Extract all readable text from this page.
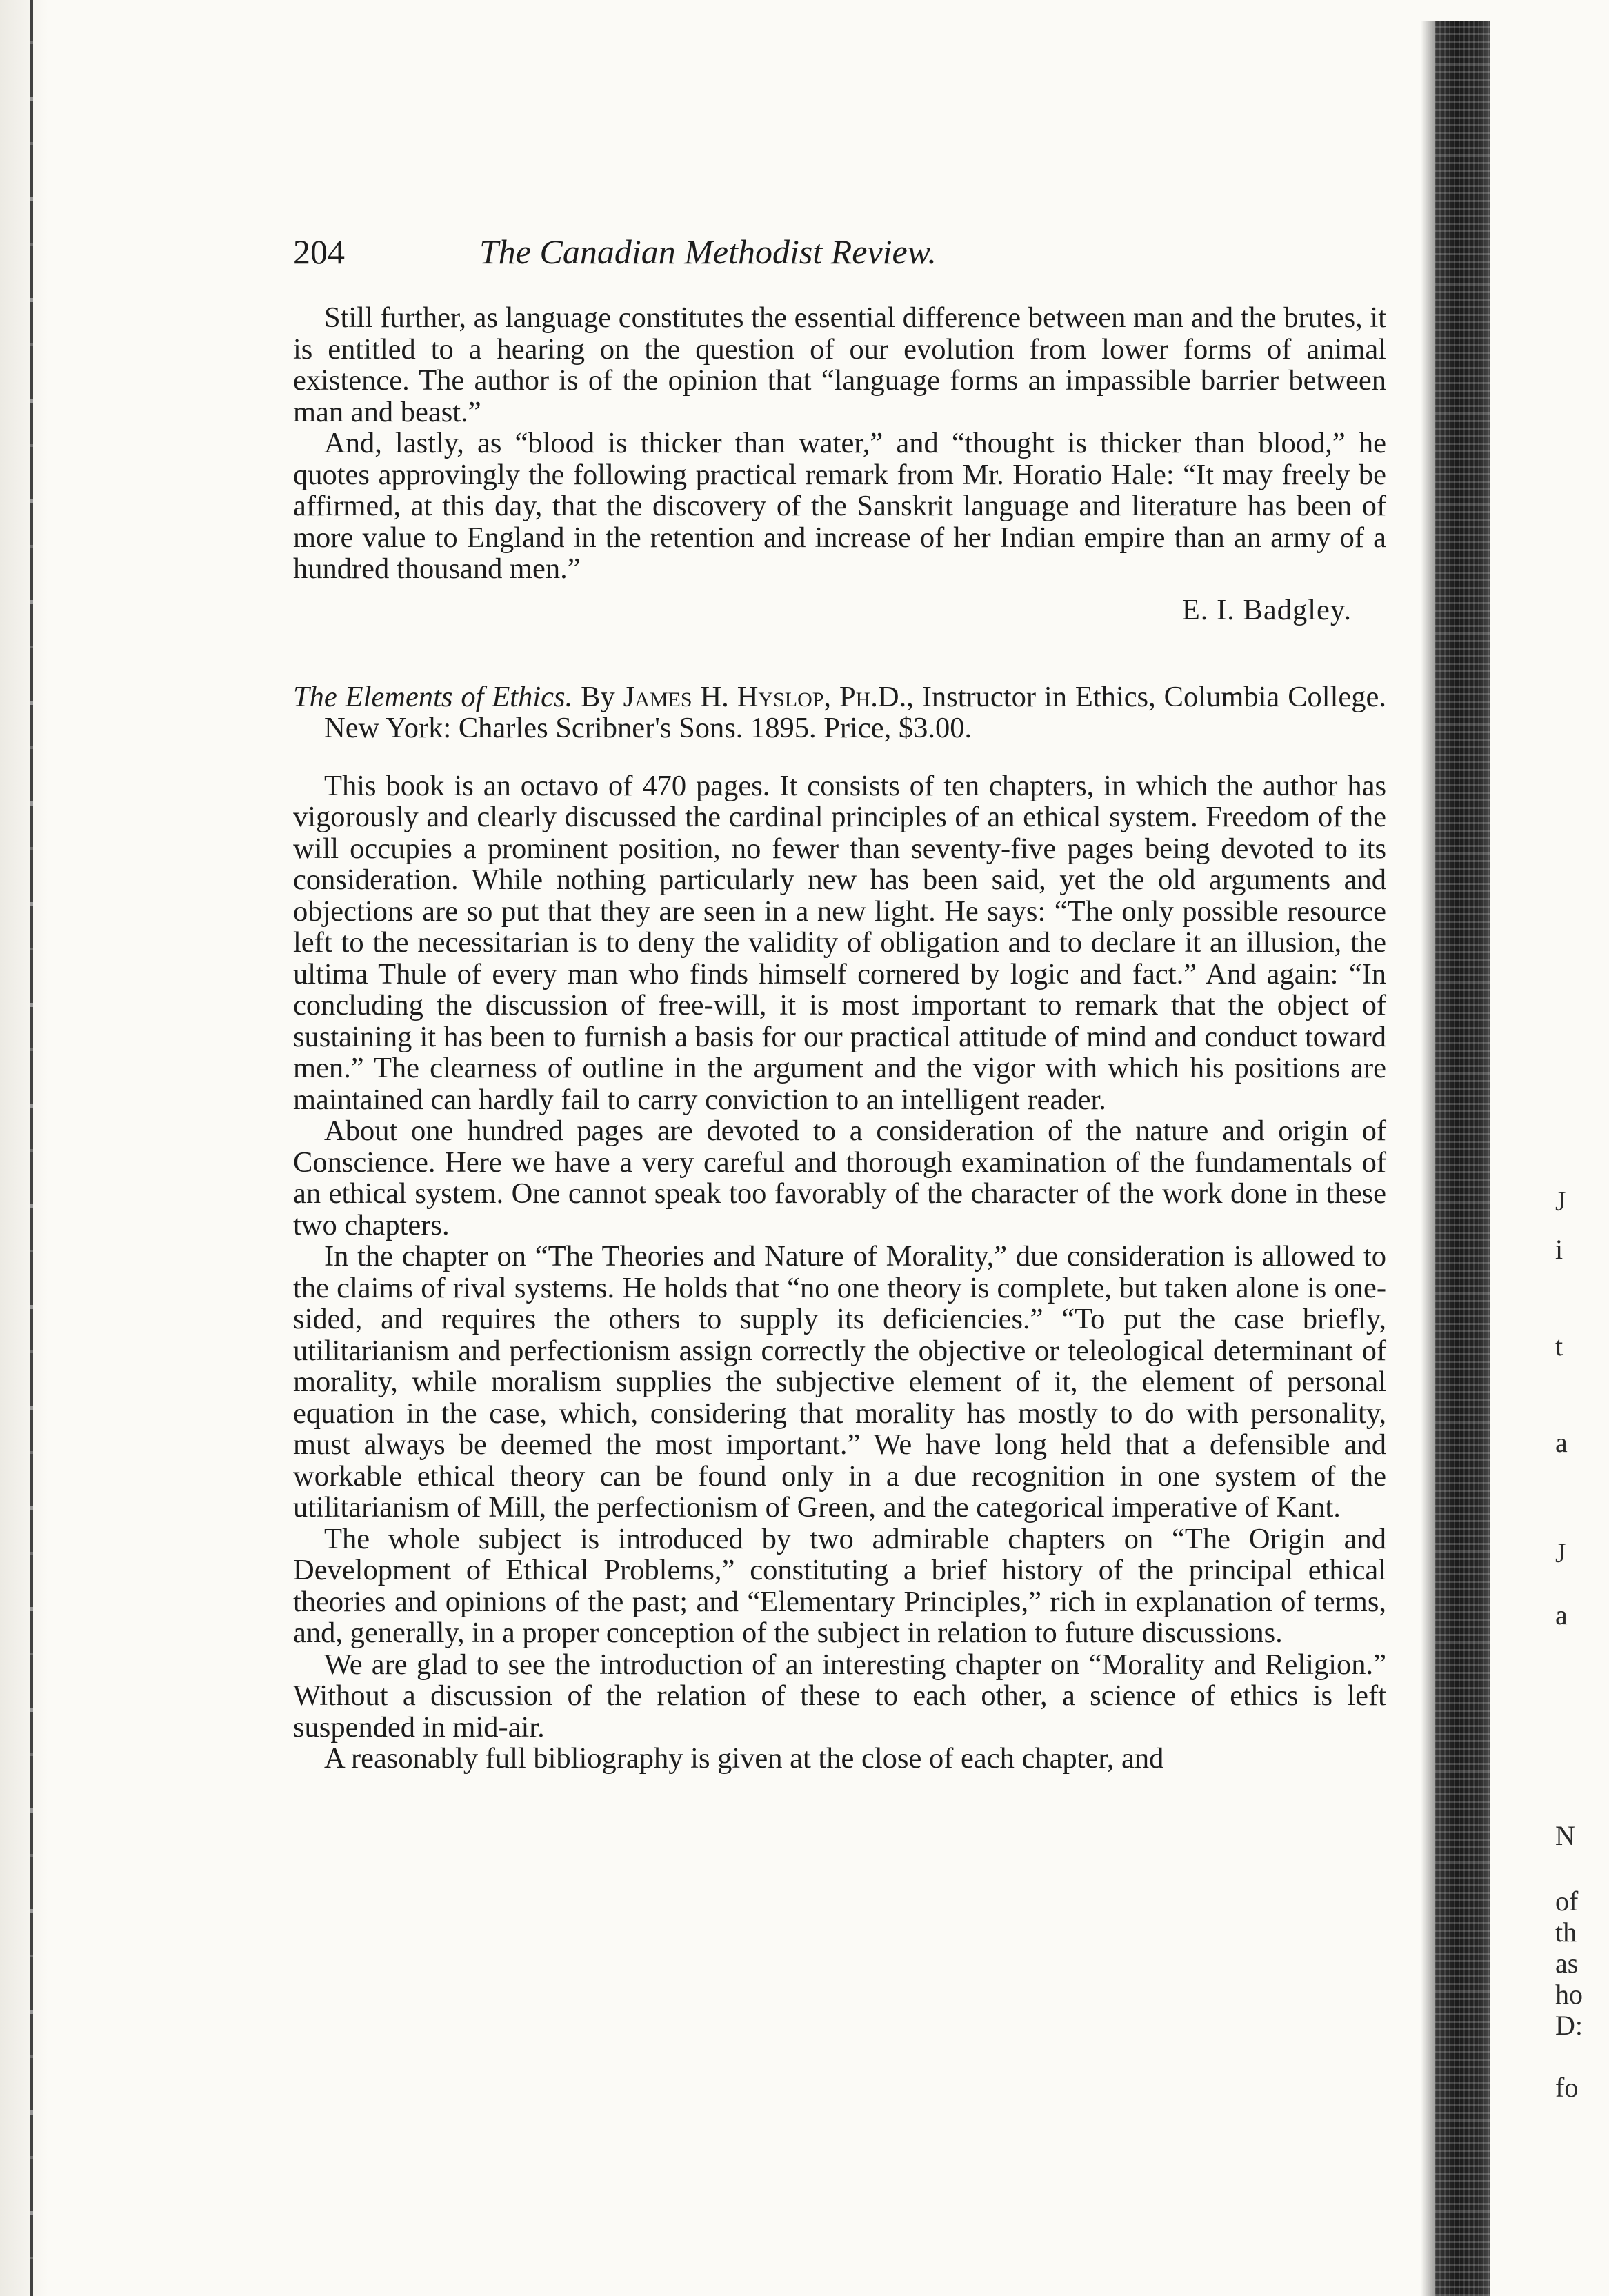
204	The Canadian Methodist Review.

Still further, as language constitutes the essential difference between man and the brutes, it is entitled to a hearing on the question of our evolution from lower forms of animal existence. The author is of the opinion that “language forms an impassible barrier between man and beast.”

And, lastly, as “blood is thicker than water,” and “thought is thicker than blood,” he quotes approvingly the following practical remark from Mr. Horatio Hale: “It may freely be affirmed, at this day, that the discovery of the Sanskrit language and literature has been of more value to England in the retention and increase of her Indian empire than an army of a hundred thousand men.”

E. I. Badgley.
The Elements of Ethics. By James H. Hyslop, Ph.D., Instructor in Ethics, Columbia College. New York: Charles Scribner's Sons. 1895. Price, $3.00.

This book is an octavo of 470 pages. It consists of ten chapters, in which the author has vigorously and clearly discussed the cardinal principles of an ethical system. Freedom of the will occupies a prominent position, no fewer than seventy-five pages being devoted to its consideration. While nothing particularly new has been said, yet the old arguments and objections are so put that they are seen in a new light. He says: “The only possible resource left to the necessitarian is to deny the validity of obligation and to declare it an illusion, the ultima Thule of every man who finds himself cornered by logic and fact.” And again: “In concluding the discussion of free-will, it is most important to remark that the object of sustaining it has been to furnish a basis for our practical attitude of mind and conduct toward men.” The clearness of outline in the argument and the vigor with which his positions are maintained can hardly fail to carry conviction to an intelligent reader.

About one hundred pages are devoted to a consideration of the nature and origin of Conscience. Here we have a very careful and thorough examination of the fundamentals of an ethical system. One cannot speak too favorably of the character of the work done in these two chapters.

In the chapter on “The Theories and Nature of Morality,” due consideration is allowed to the claims of rival systems. He holds that “no one theory is complete, but taken alone is one-sided, and requires the others to supply its deficiencies.” “To put the case briefly, utilitarianism and perfectionism assign correctly the objective or teleological determinant of morality, while moralism supplies the subjective element of it, the element of personal equation in the case, which, considering that morality has mostly to do with personality, must always be deemed the most important.” We have long held that a defensible and workable ethical theory can be found only in a due recognition in one system of the utilitarianism of Mill, the perfectionism of Green, and the categorical imperative of Kant.

The whole subject is introduced by two admirable chapters on “The Origin and Development of Ethical Problems,” constituting a brief history of the principal ethical theories and opinions of the past; and “Elementary Principles,” rich in explanation of terms, and, generally, in a proper conception of the subject in relation to future discussions.

We are glad to see the introduction of an interesting chapter on “Morality and Religion.” Without a discussion of the relation of these to each other, a science of ethics is left suspended in mid-air.

A reasonably full bibliography is given at the close of each chapter, and

J
i
t
a
J
a
N
of
th
as
ho
D:
fo
